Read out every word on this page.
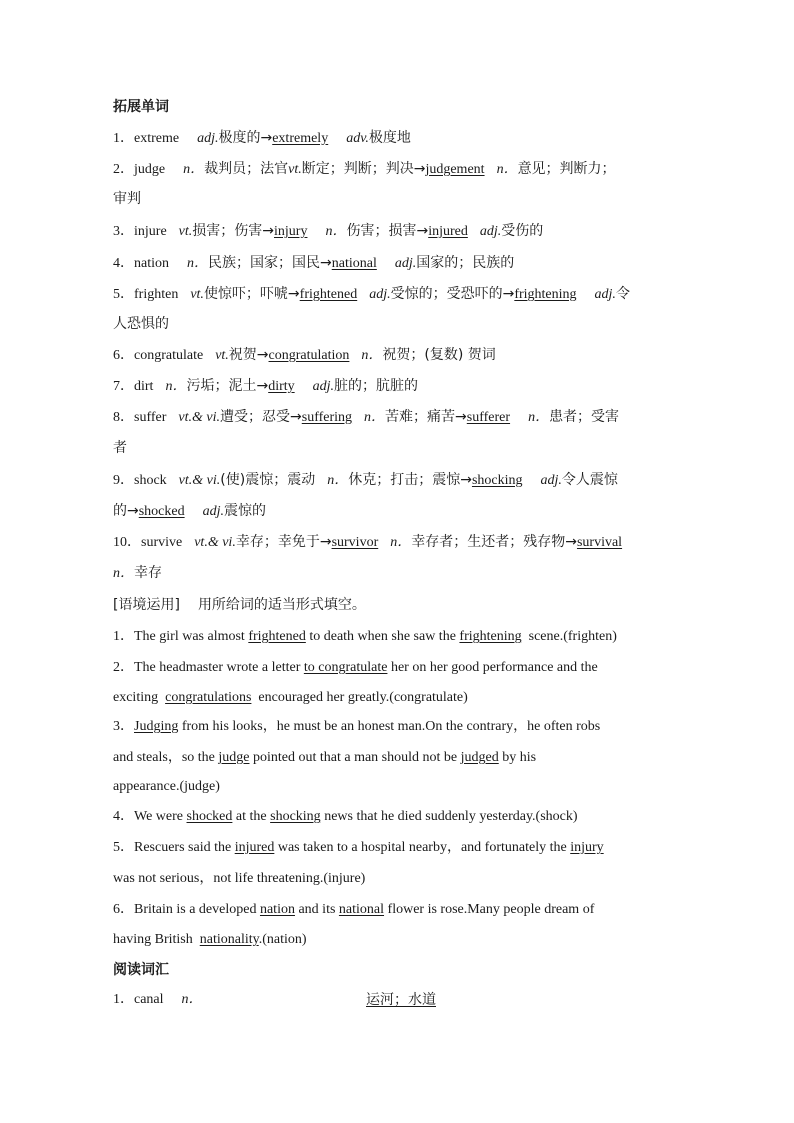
拓展单词
1．extreme adj.极度的→extremely adv.极度地
2．judge n．裁判员；法官vt.断定；判断；判决→judgement n．意见；判断力；
审判
3．injure vt.损害；伤害→injury n．伤害；损害→injured adj.受伤的
4．nation n．民族；国家；国民→national adj.国家的；民族的
5．frighten vt.使惊吓；吓唬→frightened adj.受惊的；受恐吓的→frightening adj.令
人恐惧的
6．congratulate vt.祝贺→congratulation n．祝贺；(复数) 贺词
7．dirt n．污垢；泥土→dirty adj.脏的；肮脏的
8．suffer vt.& vi.遭受；忍受→suffering n．苦难；痛苦→sufferer n．患者；受害
者
9．shock vt.& vi.(使)震惊；震动 n．休克；打击；震惊→shocking adj.令人震惊
的→shocked adj.震惊的
10．survive vt.& vi.幸存；幸免于→survivor n．幸存者；生还者；残存物→survival
n．幸存
[语境运用] 用所给词的适当形式填空。
1．The girl was almost frightened to death when she saw the frightening scene.(frighten)
2．The headmaster wrote a letter to congratulate her on her good performance and the
exciting congratulations encouraged her greatly.(congratulate)
3．Judging from his looks，he must be an honest man.On the contrary，he often robs
and steals，so the judge pointed out that a man should not be judged by his
appearance.(judge)
4．We were shocked at the shocking news that he died suddenly yesterday.(shock)
5．Rescuers said the injured was taken to a hospital nearby，and fortunately the injury
was not serious，not life threatening.(injure)
6．Britain is a developed nation and its national flower is rose.Many people dream of
having British nationality.(nation)
阅读词汇
1．canal n．	运河；水道
